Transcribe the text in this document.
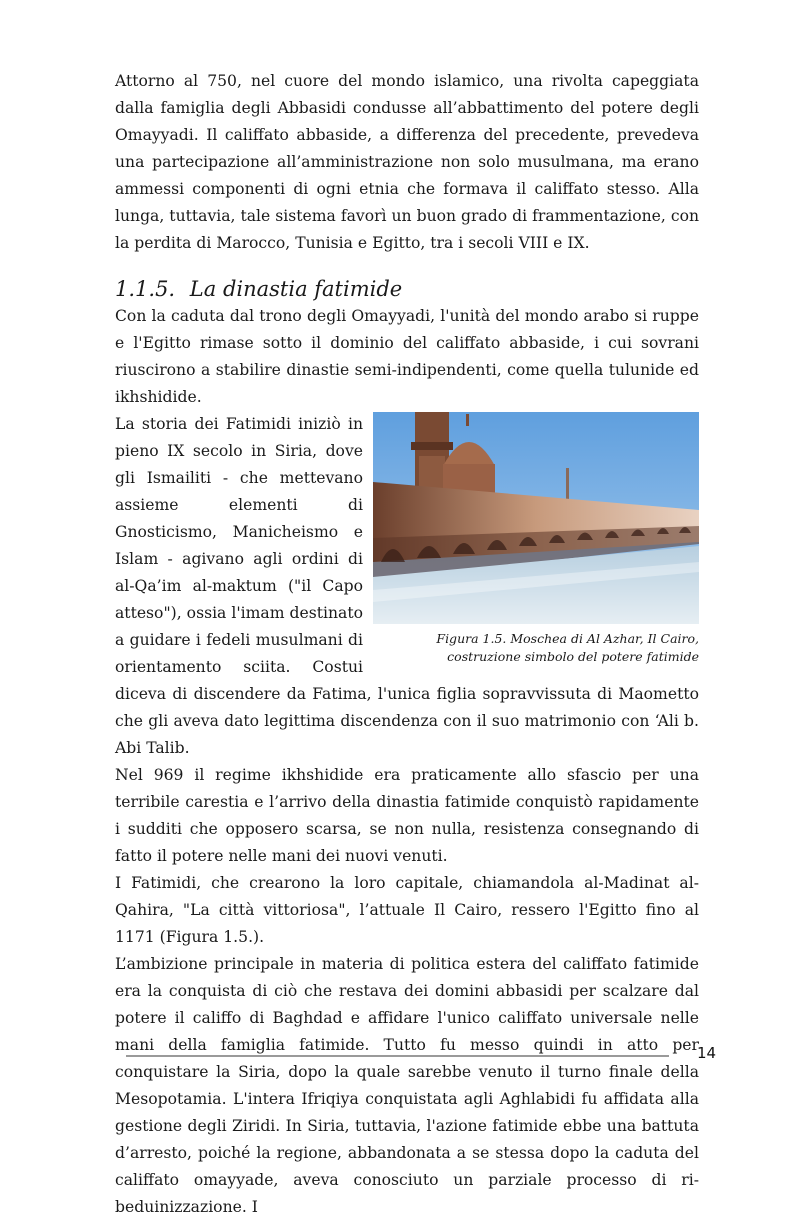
Attorno al 750, nel cuore del mondo islamico, una rivolta capeggiata dalla famiglia degli Abbasidi condusse all’abbattimento del potere degli Omayyadi. Il califfato abbaside, a differenza del precedente, prevedeva una partecipazione all’amministrazione non solo musulmana, ma erano ammessi componenti di ogni etnia che formava il califfato stesso. Alla lunga, tuttavia, tale sistema favorì un buon grado di frammentazione, con la perdita di Marocco, Tunisia e Egitto, tra i secoli VIII e IX.

1.1.5. La dinastia fatimide

Con la caduta dal trono degli Omayyadi, l'unità del mondo arabo si ruppe e l'Egitto rimase sotto il dominio del califfato abbaside, i cui sovrani riuscirono a stabilire dinastie semi-indipendenti, come quella tulunide ed ikhshidide.

Figura 1.5. Moschea di Al Azhar, Il Cairo,
costruzione simbolo del potere fatimide

La storia dei Fatimidi iniziò in pieno IX secolo in Siria, dove gli Ismailiti - che mettevano assieme elementi di Gnosticismo, Manicheismo e Islam - agivano agli ordini di al-Qa’im al-maktum ("il Capo atteso"), ossia l'imam destinato a guidare i fedeli musulmani di orientamento sciita. Costui diceva di discendere da Fatima, l'unica figlia sopravvissuta di Maometto che gli aveva dato legittima discendenza con il suo matrimonio con ‘Ali b. Abi Talib.

Nel 969 il regime ikhshidide era praticamente allo sfascio per una terribile carestia e l’arrivo della dinastia fatimide conquistò rapidamente i sudditi che opposero scarsa, se non nulla, resistenza consegnando di fatto il potere nelle mani dei nuovi venuti.

I Fatimidi, che crearono la loro capitale, chiamandola al-Madinat al-Qahira, "La città vittoriosa", l’attuale Il Cairo, ressero l'Egitto fino al 1171 (Figura 1.5.).

L’ambizione principale in materia di politica estera del califfato fatimide era la conquista di ciò che restava dei domini abbasidi per scalzare dal potere il califfo di Baghdad e affidare l'unico califfato universale nelle mani della famiglia fatimide. Tutto fu messo quindi in atto per conquistare la Siria, dopo la quale sarebbe venuto il turno finale della Mesopotamia. L'intera Ifriqiya conquistata agli Aghlabidi fu affidata alla gestione degli Ziridi. In Siria, tuttavia, l'azione fatimide ebbe una battuta d’arresto, poiché la regione, abbandonata a se stessa dopo la caduta del califfato omayyade, aveva conosciuto un parziale processo di ri-beduinizzazione. I

14
